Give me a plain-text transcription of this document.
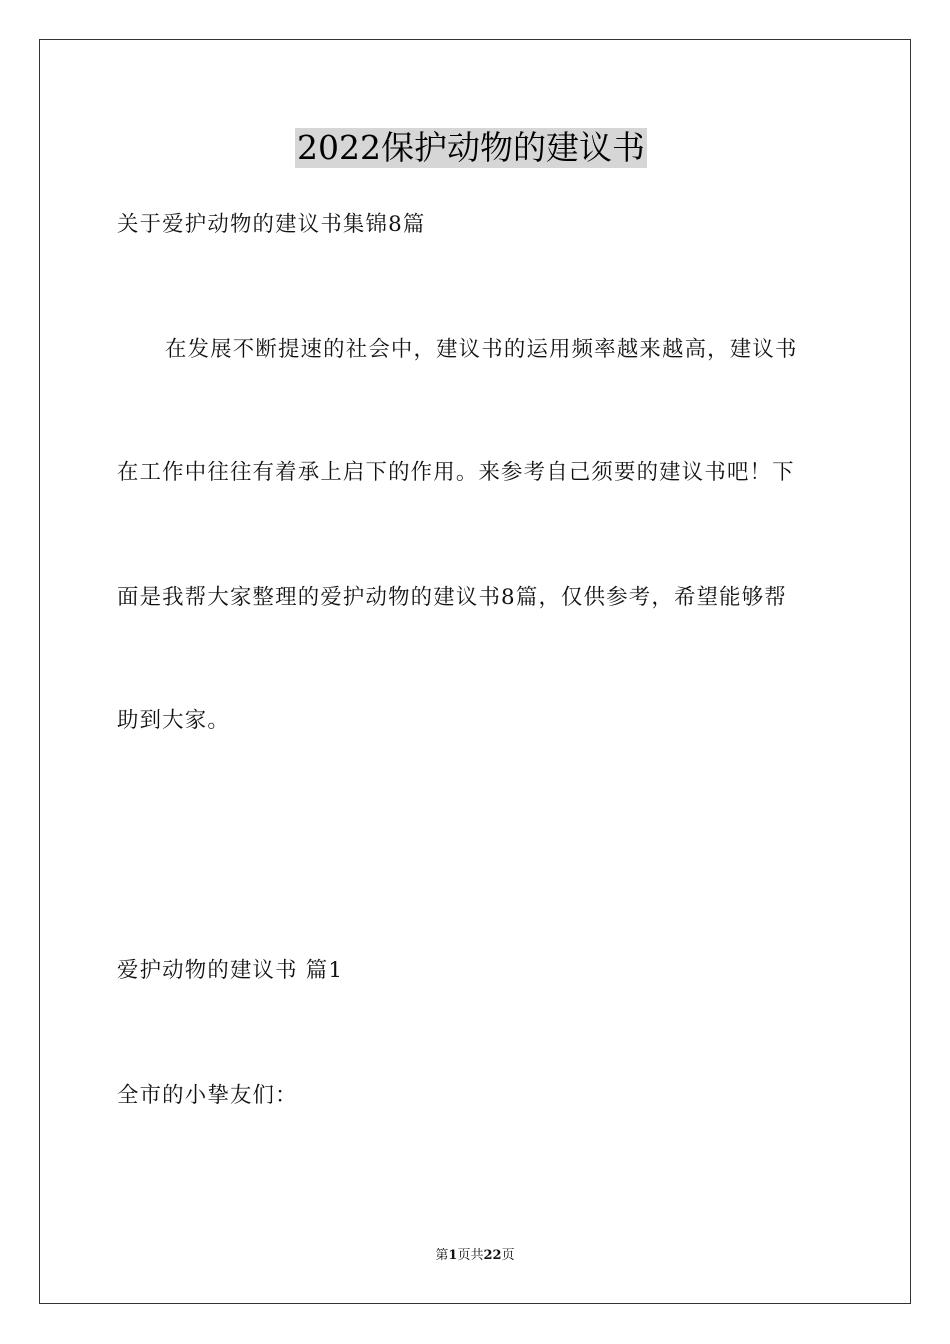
2022保护动物的建议书

关于爱护动物的建议书集锦8篇

在发展不断提速的社会中，建议书的运用频率越来越高，建议书

在工作中往往有着承上启下的作用。来参考自己须要的建议书吧！下

面是我帮大家整理的爱护动物的建议书8篇，仅供参考，希望能够帮

助到大家。

爱护动物的建议书 篇1

全市的小挚友们：

第1页共22页
